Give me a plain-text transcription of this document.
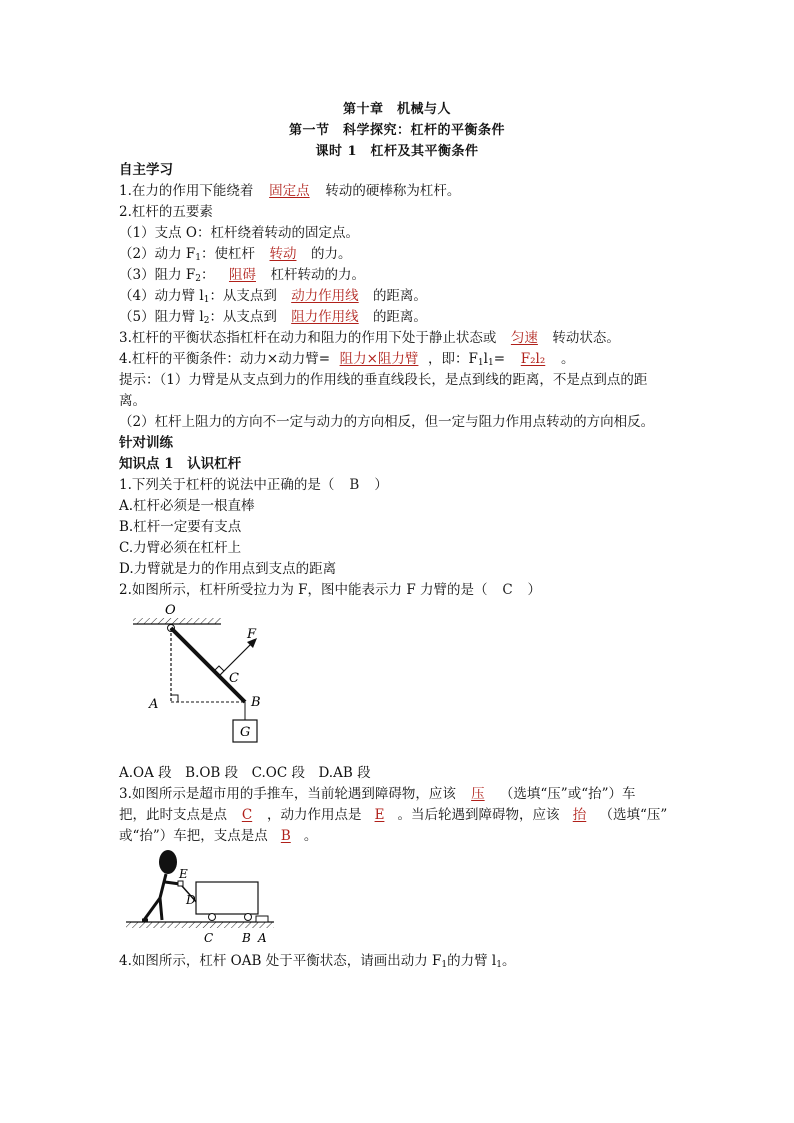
第十章　机械与人
第一节　科学探究：杠杆的平衡条件
课时 1　杠杆及其平衡条件
自主学习
1.在力的作用下能绕着 固定点 转动的硬棒称为杠杆。
2.杠杆的五要素
（1）支点 O：杠杆绕着转动的固定点。
（2）动力 $F_1$：使杠杆 转动 的力。
（3）阻力 $F_2$： 阻碍 杠杆转动的力。
（4）动力臂 $l_1$：从支点到 动力作用线 的距离。
（5）阻力臂 $l_2$：从支点到 阻力作用线 的距离。
3.杠杆的平衡状态指杠杆在动力和阻力的作用下处于静止状态或 匀速 转动状态。
4.杠杆的平衡条件：动力×动力臂= 阻力×阻力臂 ，即：$F_1l_1= F_2l_2$ 。
提示：（1）力臂是从支点到力的作用线的垂直线段长，是点到线的距离，不是点到点的距
离。
（2）杠杆上阻力的方向不一定与动力的方向相反，但一定与阻力作用点转动的方向相反。
针对训练
知识点 1　认识杠杆
1.下列关于杠杆的说法中正确的是（ B ）
A.杠杆必须是一根直棒
B.杠杆一定要有支点
C.力臂必须在杠杆上
D.力臂就是力的作用点到支点的距离
2.如图所示，杠杆所受拉力为 F，图中能表示力 F 力臂的是（ C ）
O
F
C
A	B
G
A.OA 段　B.OB 段　C.OC 段　D.AB 段
3.如图所示是超市用的手推车，当前轮遇到障碍物，应该 压 （选填“压”或“抬”）车
把，此时支点是点 C ，动力作用点是 E 。当后轮遇到障碍物，应该 抬 （选填“压”
或“抬”）车把，支点是点 B 。
E
D
C B A
4.如图所示，杠杆 OAB 处于平衡状态，请画出动力 $F_1$的力臂 $l_1$。
